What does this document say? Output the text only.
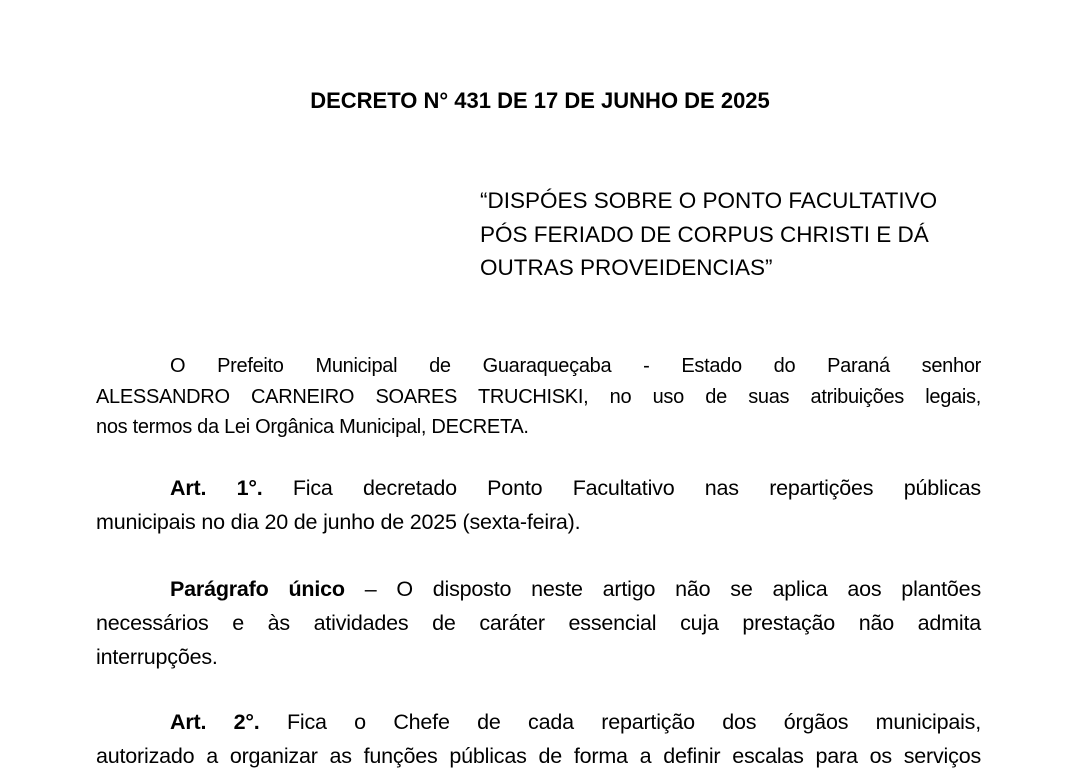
DECRETO N° 431 DE 17 DE JUNHO DE 2025
“DISPÓES SOBRE O PONTO FACULTATIVO
PÓS FERIADO DE CORPUS CHRISTI E DÁ
OUTRAS PROVEIDENCIAS”
O Prefeito Municipal de Guaraqueçaba - Estado do Paraná senhor
ALESSANDRO CARNEIRO SOARES TRUCHISKI, no uso de suas atribuições legais,
nos termos da Lei Orgânica Municipal, DECRETA.
Art. 1°. Fica decretado Ponto Facultativo nas repartições públicas
municipais no dia 20 de junho de 2025 (sexta-feira).
Parágrafo único – O disposto neste artigo não se aplica aos plantões
necessários e às atividades de caráter essencial cuja prestação não admita
interrupções.
Art. 2°. Fica o Chefe de cada repartição dos órgãos municipais,
autorizado a organizar as funções públicas de forma a definir escalas para os serviços
